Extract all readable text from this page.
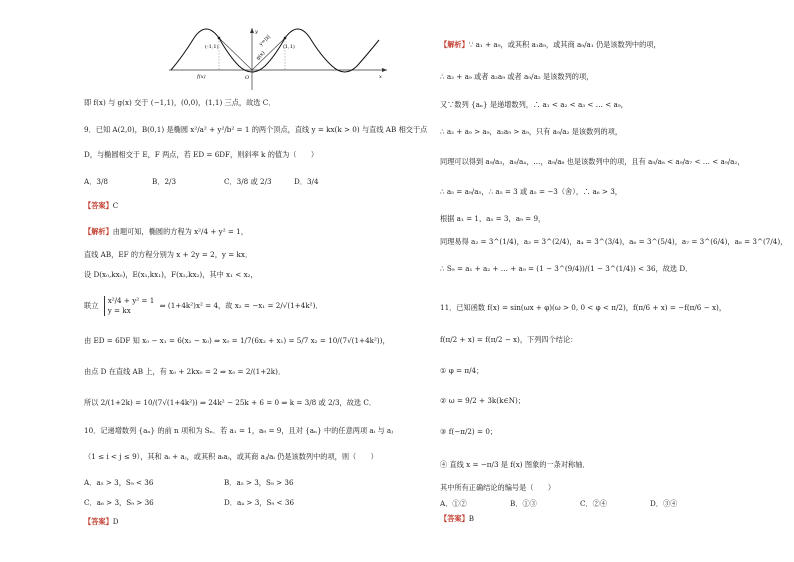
y=|x|
g(x)
(-1,1)	(1,1)
f(x)	O	x
y
即 f(x) 与 g(x) 交于 (−1,1)，(0,0)，(1,1) 三点，故选 C．
9．已知 A(2,0)，B(0,1) 是椭圆 x²/a² + y²/b² = 1 的两个顶点，直线 y = kx(k > 0) 与直线 AB 相交于点
D，与椭圆相交于 E，F 两点，若 ED = 6DF，则斜率 k 的值为（　　）
A．3/8	B．2/3	C．3/8 或 2/3	D．3/4
【答案】C
【解析】由题可知，椭圆的方程为 x²/4 + y² = 1，
直线 AB，EF 的方程分别为 x + 2y = 2，y = kx．
设 D(x₀,kx₀)，E(x₁,kx₁)，F(x₂,kx₂)，其中 x₁ < x₂，
联立
x²/4 + y² = 1
y = kx
⇒ (1+4k²)x² = 4，故 x₂ = −x₁ = 2/√(1+4k²)．
由 ED = 6DF 知 x₀ − x₁ = 6(x₂ − x₀) ⇒ x₀ = 1/7(6x₂ + x₁) = 5/7 x₂ = 10/(7√(1+4k²))，
由点 D 在直线 AB 上，有 x₀ + 2kx₀ = 2 ⇒ x₀ = 2/(1+2k)．
所以 2/(1+2k) = 10/(7√(1+4k²)) ⇒ 24k² − 25k + 6 = 0 ⇒ k = 3/8 或 2/3，故选 C．
10．记递增数列 {aₙ} 的前 n 项和为 Sₙ．若 a₁ = 1，a₉ = 9，且对 {aₙ} 中的任意两项 aᵢ 与 aⱼ
（1 ≤ i < j ≤ 9），其和 aᵢ + aⱼ，或其积 aᵢaⱼ，或其商 aⱼ/aᵢ 仍是该数列中的项，则（　　）
A．a₅ > 3，S₉ < 36	B．a₅ > 3，S₉ > 36
C．a₆ > 3，S₉ > 36	D．a₄ > 3，S₉ < 36
【答案】D
【解析】∵ a₁ + a₉，或其积 a₁a₉，或其商 a₉/a₁ 仍是该数列中的项，
∴ a₂ + a₉ 或者 a₂a₉ 或者 a₉/a₂ 是该数列的项，
又∵数列 {aₙ} 是递增数列，∴ a₁ < a₂ < a₃ < … < a₉，
∴ a₂ + a₉ > a₉，a₂a₉ > a₉，只有 a₉/a₂ 是该数列的项，
同理可以得到 a₉/a₃，a₉/a₄，…，a₉/a₈ 也是该数列中的项，且有 a₉/a₈ < a₉/a₇ < … < a₉/a₂，
∴ a₅ = a₉/a₅，∴ a₅ = 3 或 a₅ = −3（舍），∴ a₆ > 3，
根据 a₁ = 1，a₅ = 3，a₉ = 9，
同理易得 a₂ = 3^(1/4)，a₃ = 3^(2/4)，a₄ = 3^(3/4)，a₆ = 3^(5/4)，a₇ = 3^(6/4)，a₈ = 3^(7/4)，
∴ S₉ = a₁ + a₂ + … + a₉ = (1 − 3^(9/4))/(1 − 3^(1/4)) < 36，故选 D．
11．已知函数 f(x) = sin(ωx + φ)(ω > 0, 0 < φ < π/2)，f(π/6 + x) = −f(π/6 − x)，
f(π/2 + x) = f(π/2 − x)，下列四个结论：
① φ = π/4；
② ω = 9/2 + 3k(k∈N)；
③ f(−π/2) = 0；
④ 直线 x = −π/3 是 f(x) 图象的一条对称轴．
其中所有正确结论的编号是（　　）
A．①②	B．①③	C．②④	D．③④
【答案】B
